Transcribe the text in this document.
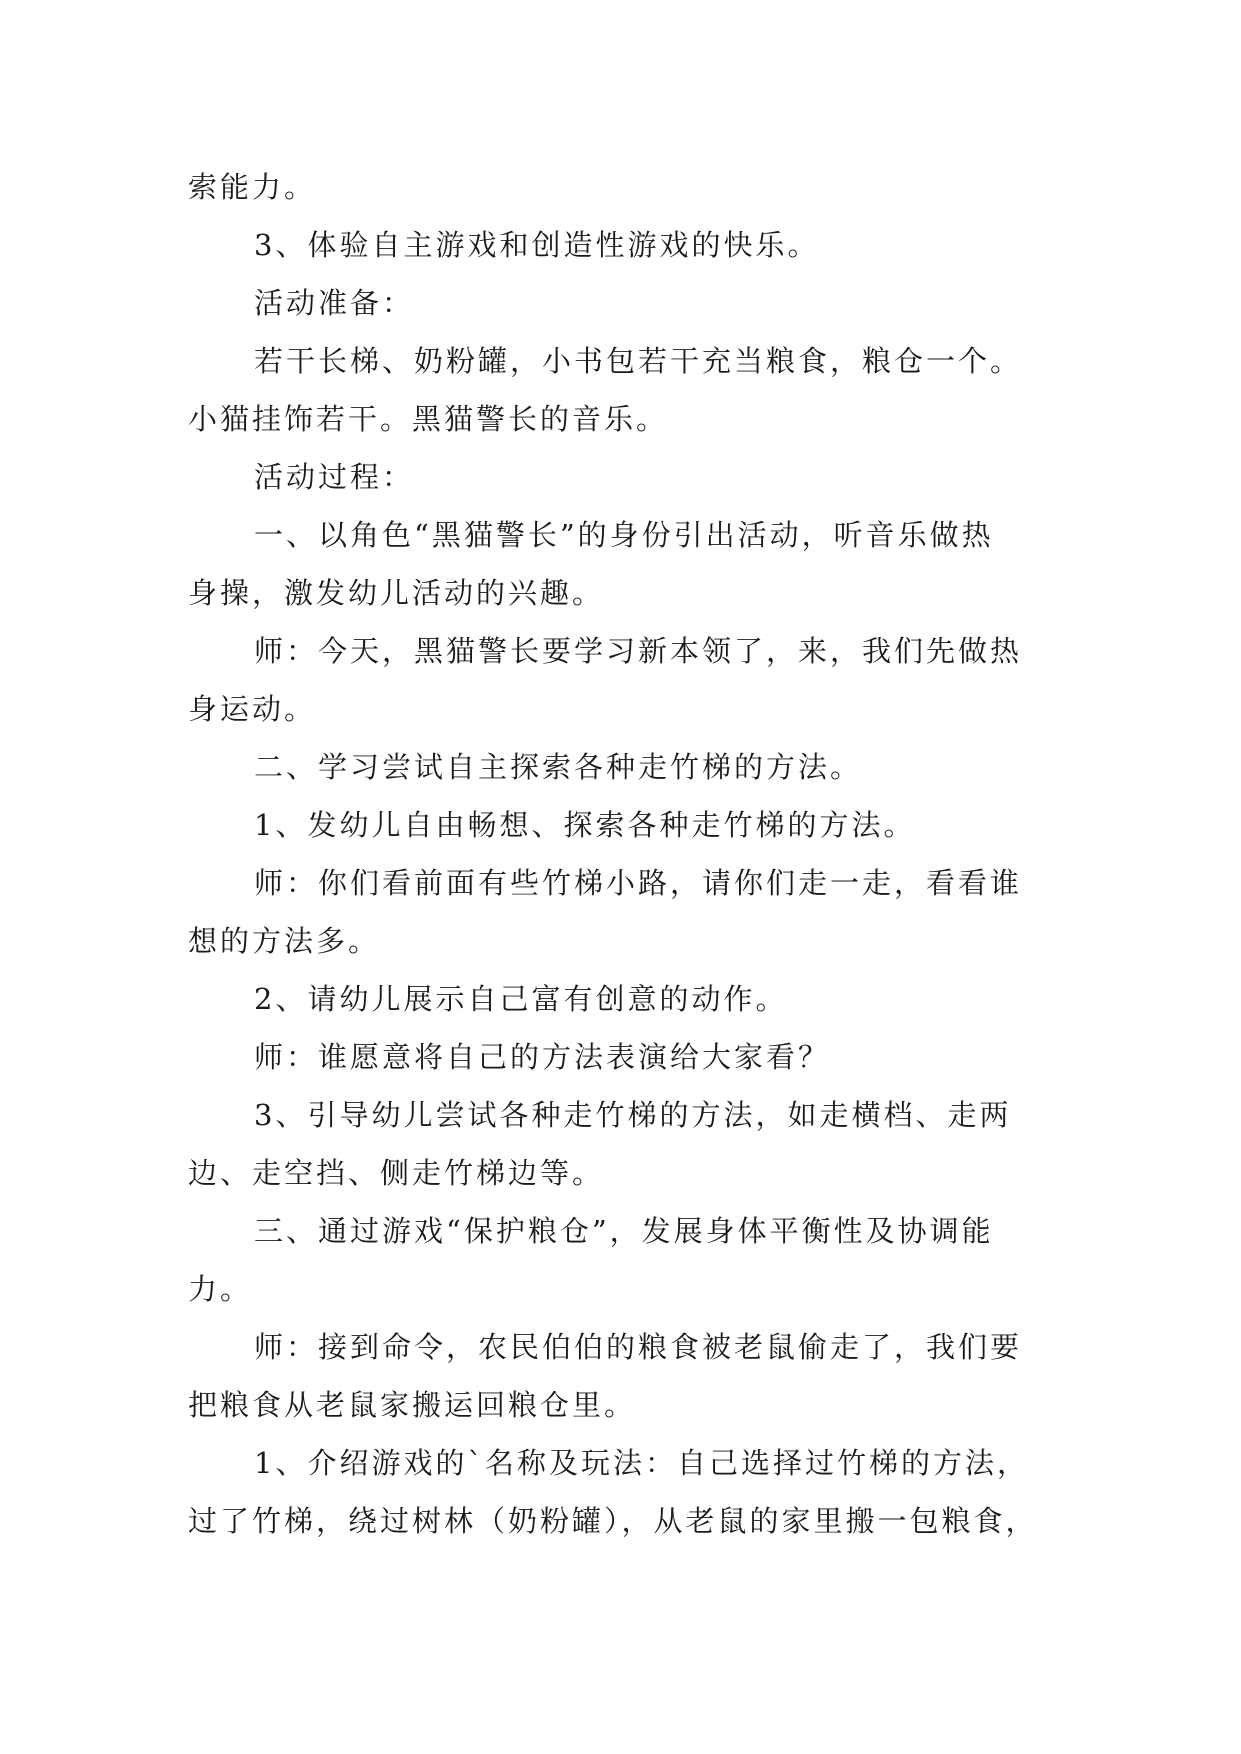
索能力。

3、体验自主游戏和创造性游戏的快乐。

活动准备：

若干长梯、奶粉罐，小书包若干充当粮食，粮仓一个。

小猫挂饰若干。黑猫警长的音乐。

活动过程：

一、以角色“黑猫警长”的身份引出活动，听音乐做热

身操，激发幼儿活动的兴趣。

师：今天，黑猫警长要学习新本领了，来，我们先做热

身运动。

二、学习尝试自主探索各种走竹梯的方法。

1、发幼儿自由畅想、探索各种走竹梯的方法。

师：你们看前面有些竹梯小路，请你们走一走，看看谁

想的方法多。

2、请幼儿展示自己富有创意的动作。

师：谁愿意将自己的方法表演给大家看？

3、引导幼儿尝试各种走竹梯的方法，如走横档、走两

边、走空挡、侧走竹梯边等。

三、通过游戏“保护粮仓”，发展身体平衡性及协调能

力。

师：接到命令，农民伯伯的粮食被老鼠偷走了，我们要

把粮食从老鼠家搬运回粮仓里。

1、介绍游戏的`名称及玩法：自己选择过竹梯的方法，

过了竹梯，绕过树林（奶粉罐），从老鼠的家里搬一包粮食，
